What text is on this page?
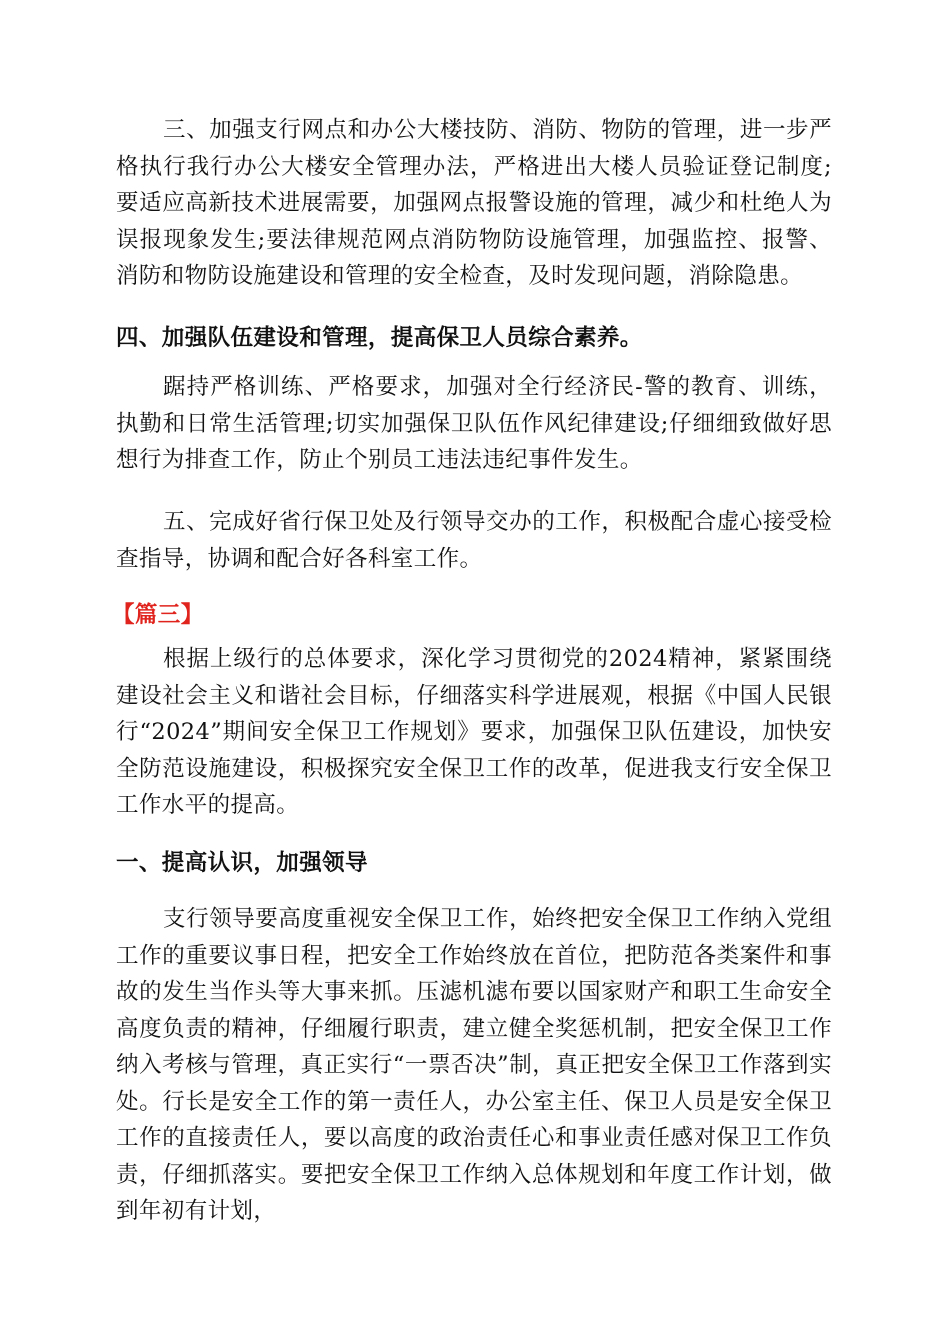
三、加强支行网点和办公大楼技防、消防、物防的管理，进一步严格执行我行办公大楼安全管理办法，严格进出大楼人员验证登记制度;要适应高新技术进展需要，加强网点报警设施的管理，减少和杜绝人为误报现象发生;要法律规范网点消防物防设施管理，加强监控、报警、消防和物防设施建设和管理的安全检查，及时发现问题，消除隐患。

四、加强队伍建设和管理，提高保卫人员综合素养。

踞持严格训练、严格要求，加强对全行经济民-警的教育、训练，执勤和日常生活管理;切实加强保卫队伍作风纪律建设;仔细细致做好思想行为排查工作，防止个别员工违法违纪事件发生。

五、完成好省行保卫处及行领导交办的工作，积极配合虚心接受检查指导，协调和配合好各科室工作。

【篇三】

根据上级行的总体要求，深化学习贯彻党的2024精神，紧紧围绕建设社会主义和谐社会目标，仔细落实科学进展观，根据《中国人民银行“2024”期间安全保卫工作规划》要求，加强保卫队伍建设，加快安全防范设施建设，积极探究安全保卫工作的改革，促进我支行安全保卫工作水平的提高。

一、提高认识，加强领导

支行领导要高度重视安全保卫工作，始终把安全保卫工作纳入党组工作的重要议事日程，把安全工作始终放在首位，把防范各类案件和事故的发生当作头等大事来抓。压滤机滤布要以国家财产和职工生命安全高度负责的精神，仔细履行职责，建立健全奖惩机制，把安全保卫工作纳入考核与管理，真正实行“一票否决”制，真正把安全保卫工作落到实处。行长是安全工作的第一责任人，办公室主任、保卫人员是安全保卫工作的直接责任人，要以高度的政治责任心和事业责任感对保卫工作负责，仔细抓落实。要把安全保卫工作纳入总体规划和年度工作计划，做到年初有计划，
